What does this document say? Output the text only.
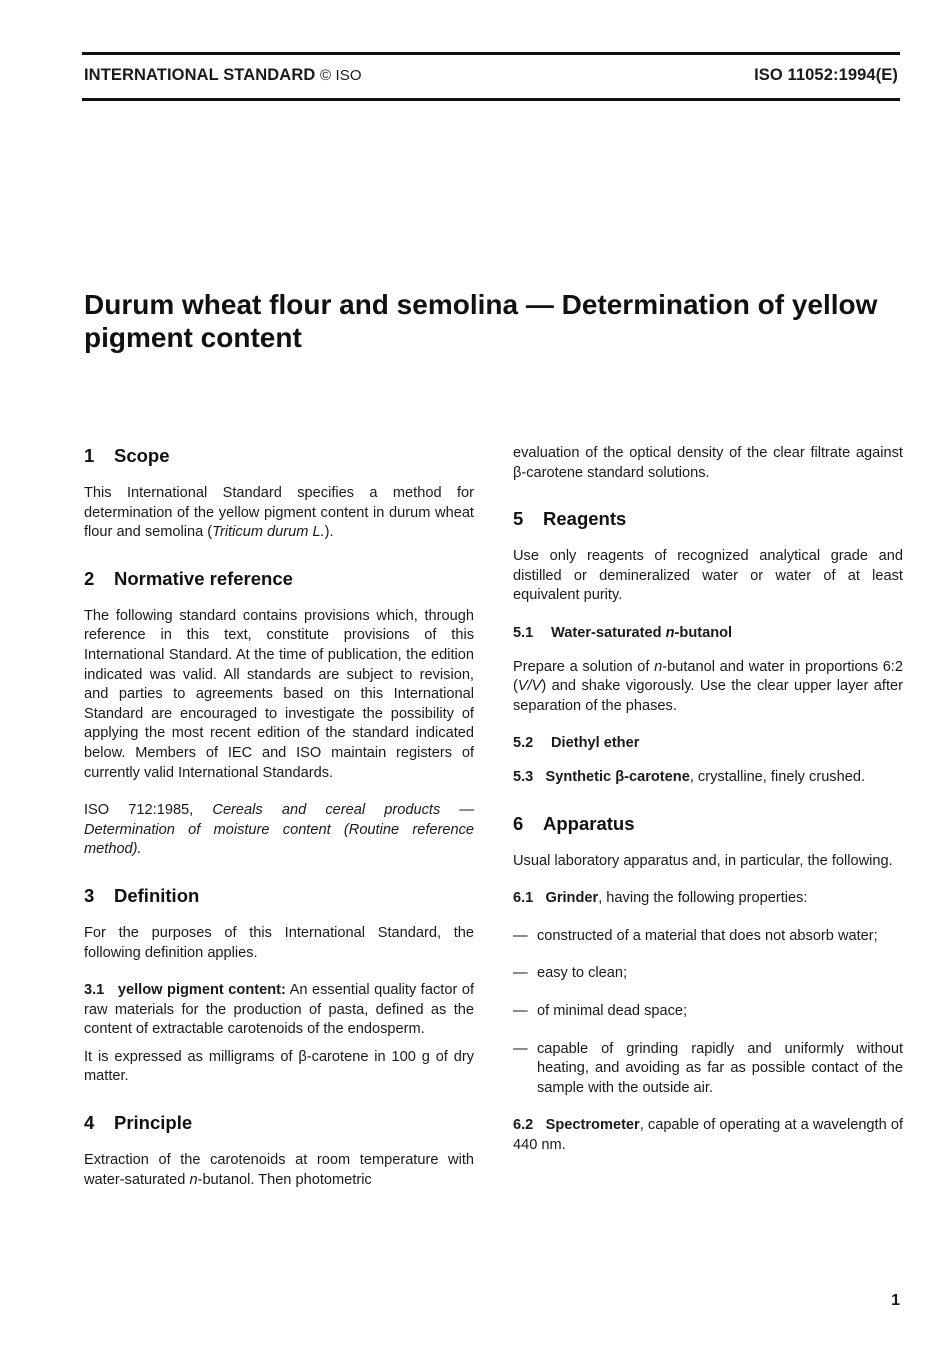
INTERNATIONAL STANDARD © ISO	ISO 11052:1994(E)
Durum wheat flour and semolina — Determination of yellow pigment content
1 Scope

This International Standard specifies a method for determination of the yellow pigment content in durum wheat flour and semolina (Triticum durum L.).

2 Normative reference

The following standard contains provisions which, through reference in this text, constitute provisions of this International Standard. At the time of publication, the edition indicated was valid. All standards are subject to revision, and parties to agreements based on this International Standard are encouraged to investigate the possibility of applying the most recent edition of the standard indicated below. Members of IEC and ISO maintain registers of currently valid International Standards.

ISO 712:1985, Cereals and cereal products — Determination of moisture content (Routine reference method).

3 Definition

For the purposes of this International Standard, the following definition applies.

3.1 yellow pigment content: An essential quality factor of raw materials for the production of pasta, defined as the content of extractable carotenoids of the endosperm.

It is expressed as milligrams of β-carotene in 100 g of dry matter.

4 Principle

Extraction of the carotenoids at room temperature with water-saturated n-butanol. Then photometric

evaluation of the optical density of the clear filtrate against β-carotene standard solutions.

5 Reagents

Use only reagents of recognized analytical grade and distilled or demineralized water or water of at least equivalent purity.

5.1 Water-saturated n-butanol

Prepare a solution of n-butanol and water in proportions 6:2 (V/V) and shake vigorously. Use the clear upper layer after separation of the phases.

5.2 Diethyl ether

5.3 Synthetic β-carotene, crystalline, finely crushed.

6 Apparatus

Usual laboratory apparatus and, in particular, the following.

6.1 Grinder, having the following properties:

— constructed of a material that does not absorb water;
— easy to clean;
— of minimal dead space;
— capable of grinding rapidly and uniformly without heating, and avoiding as far as possible contact of the sample with the outside air.

6.2 Spectrometer, capable of operating at a wavelength of 440 nm.

1
